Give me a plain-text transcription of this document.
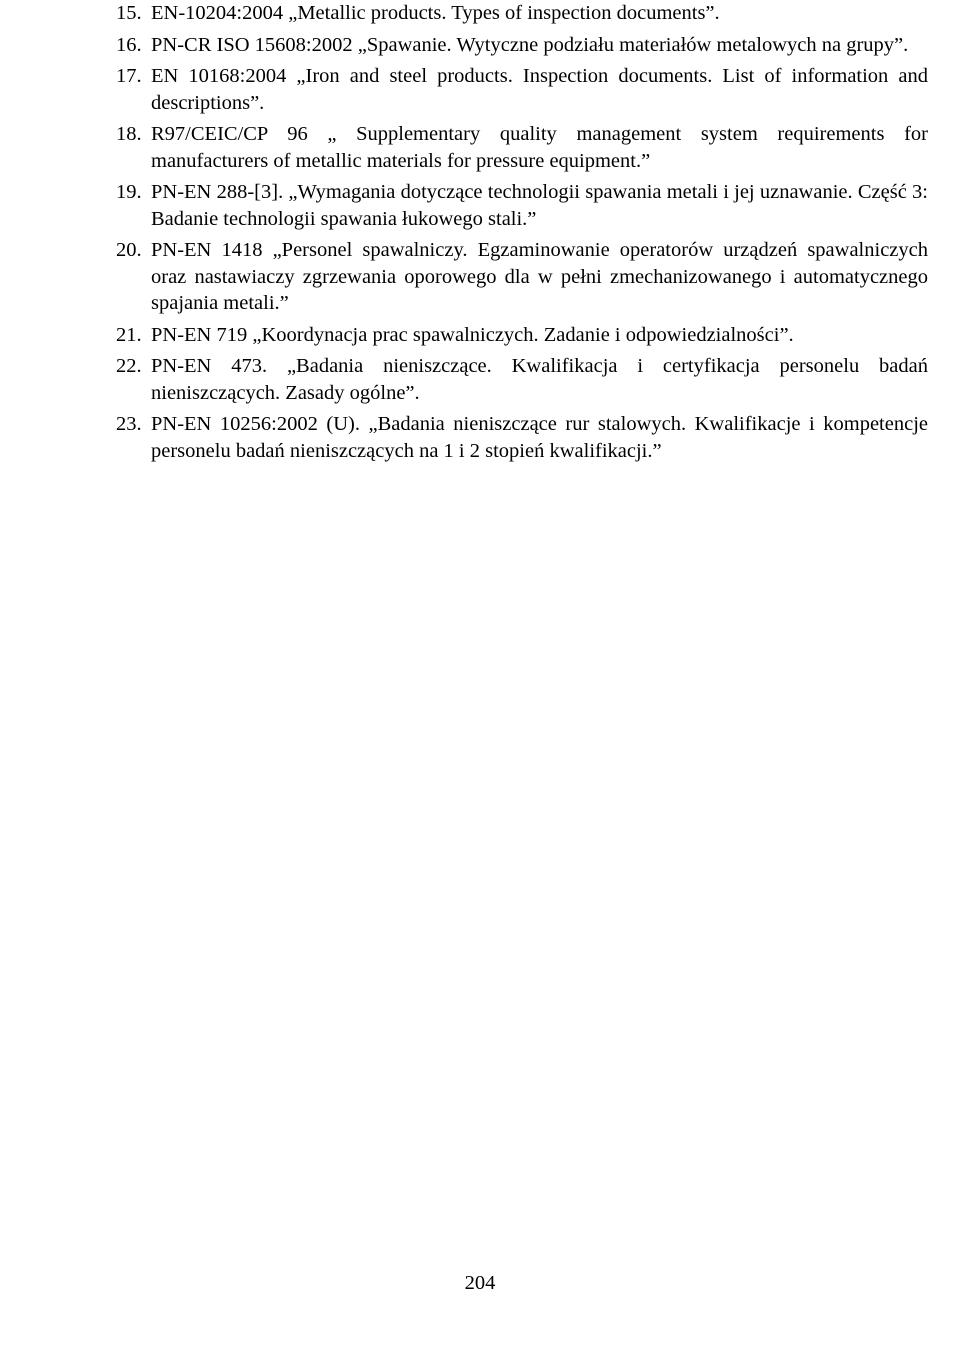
15. EN-10204:2004 „Metallic products. Types of inspection documents”.
16. PN-CR ISO 15608:2002 „Spawanie. Wytyczne podziału materiałów metalowych na grupy”.
17. EN 10168:2004 „Iron and steel products. Inspection documents. List of information and descriptions”.
18. R97/CEIC/CP 96 „ Supplementary quality management system requirements for manufacturers of metallic materials for pressure equipment.”
19. PN-EN 288-[3]. „Wymagania dotyczące technologii spawania metali i jej uznawanie. Część 3: Badanie technologii spawania łukowego stali.”
20. PN-EN 1418 „Personel spawalniczy. Egzaminowanie operatorów urządzeń spawalniczych oraz nastawiaczy zgrzewania oporowego dla w pełni zmechanizowanego i automatycznego spajania metali.”
21. PN-EN 719 „Koordynacja prac spawalniczych. Zadanie i odpowiedzialności”.
22. PN-EN 473. „Badania nieniszczące. Kwalifikacja i certyfikacja personelu badań nieniszczących. Zasady ogólne”.
23. PN-EN 10256:2002 (U). „Badania nieniszczące rur stalowych. Kwalifikacje i kompetencje personelu badań nieniszczących na 1 i 2 stopień kwalifikacji.”
204
